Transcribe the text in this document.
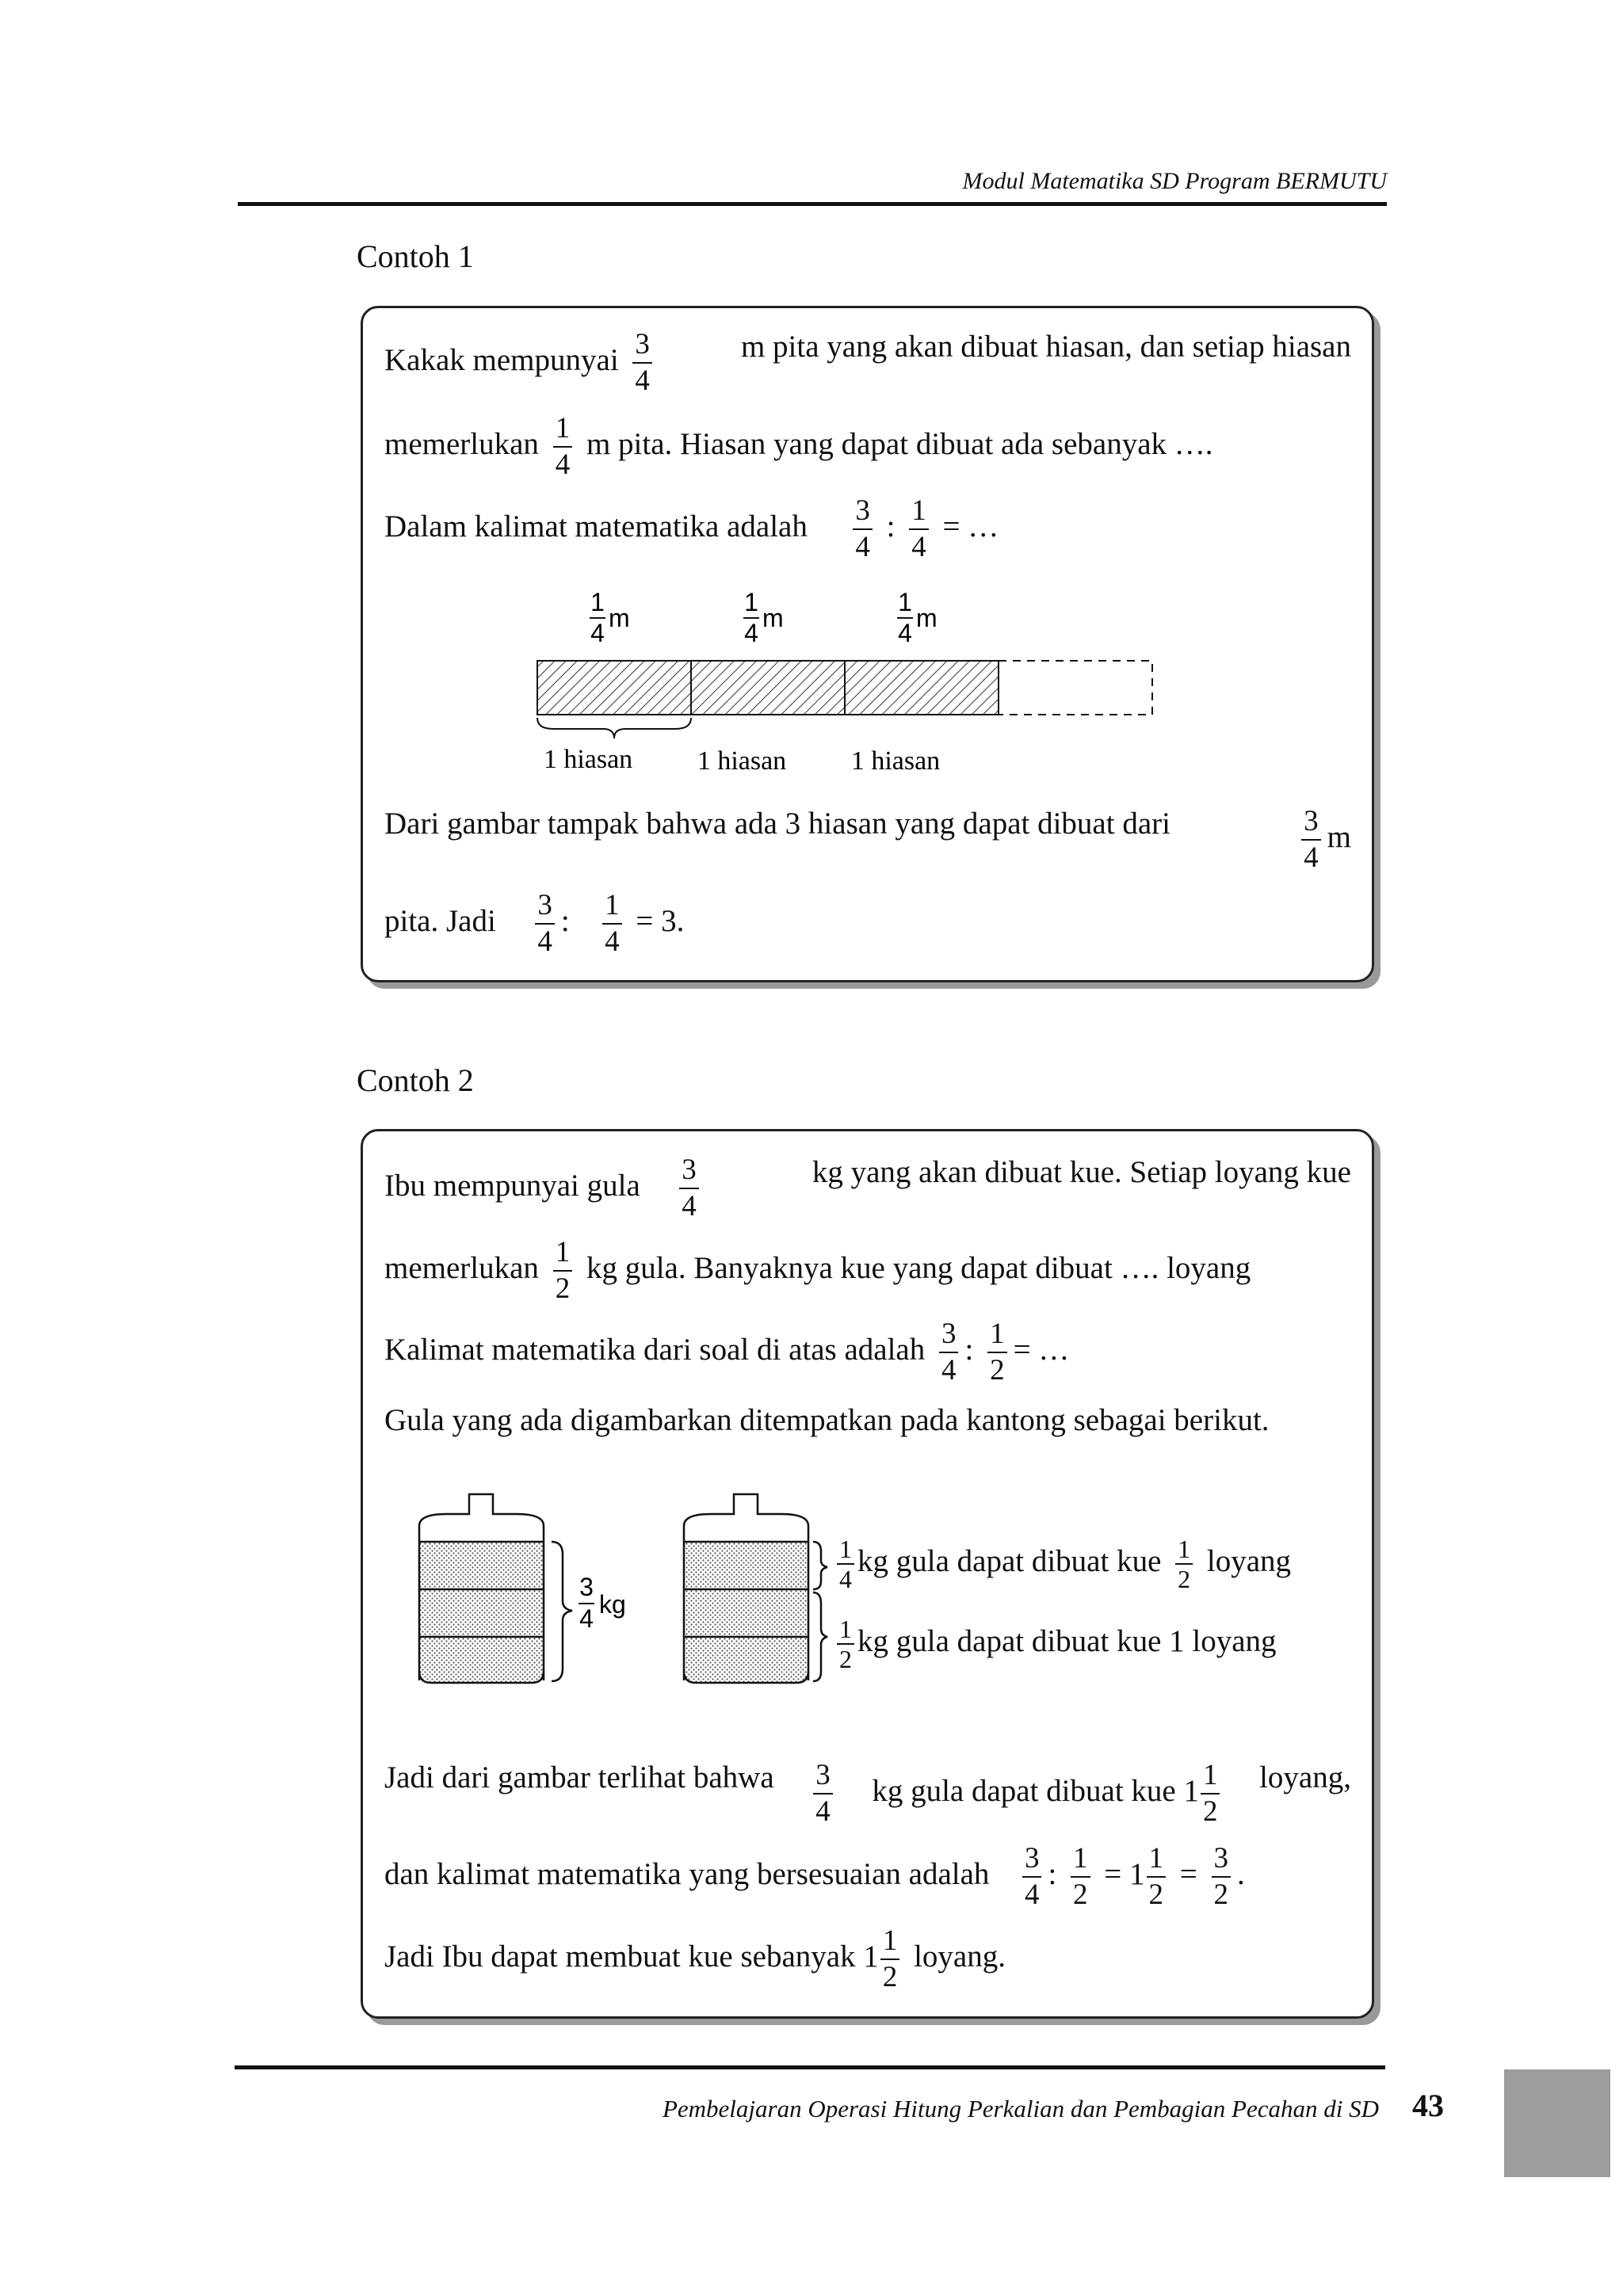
Modul Matematika SD Program BERMUTU
Contoh 1
Kakak mempunyai $\frac{3}{4}$	m pita yang akan dibuat hiasan, dan setiap hiasan
memerlukan $\frac{1}{4}$ m pita. Hiasan yang dapat dibuat ada sebanyak ….
Dalam kalimat matematika adalah $\frac{3}{4}$ : $\frac{1}{4}$ = …
1
4
m
1
4
m
1
4
m
1 hiasan 1 hiasan 1 hiasan
Dari gambar tampak bahwa ada 3 hiasan yang dapat dibuat dari	$\frac{3}{4}$ m
pita. Jadi $\frac{3}{4}$ : $\frac{1}{4} = 3$.
Contoh 2
Ibu mempunyai gula $\frac{3}{4}$	kg yang akan dibuat kue. Setiap loyang kue
memerlukan $\frac{1}{2}$ kg gula. Banyaknya kue yang dapat dibuat …. loyang
Kalimat matematika dari soal di atas adalah $\frac{3}{4}$ : $\frac{1}{2}$ = …
Gula yang ada digambarkan ditempatkan pada kantong sebagai berikut.
3
4 kg
$\frac{1}{4}$ kg gula dapat dibuat kue $\frac{1}{2}$ loyang
$\frac{1}{2}$ kg gula dapat dibuat kue 1 loyang
Jadi dari gambar terlihat bahwa $\frac{3}{4}$ kg gula dapat dibuat kue $1 \frac{1}{2}$ loyang,
dan kalimat matematika yang bersesuaian adalah $\frac{3}{4}$ : $\frac{1}{2} = 1 \frac{1}{2} = \frac{3}{2}$ .
Jadi Ibu dapat membuat kue sebanyak $1 \frac{1}{2}$ loyang.
Pembelajaran Operasi Hitung Perkalian dan Pembagian Pecahan di SD 43
